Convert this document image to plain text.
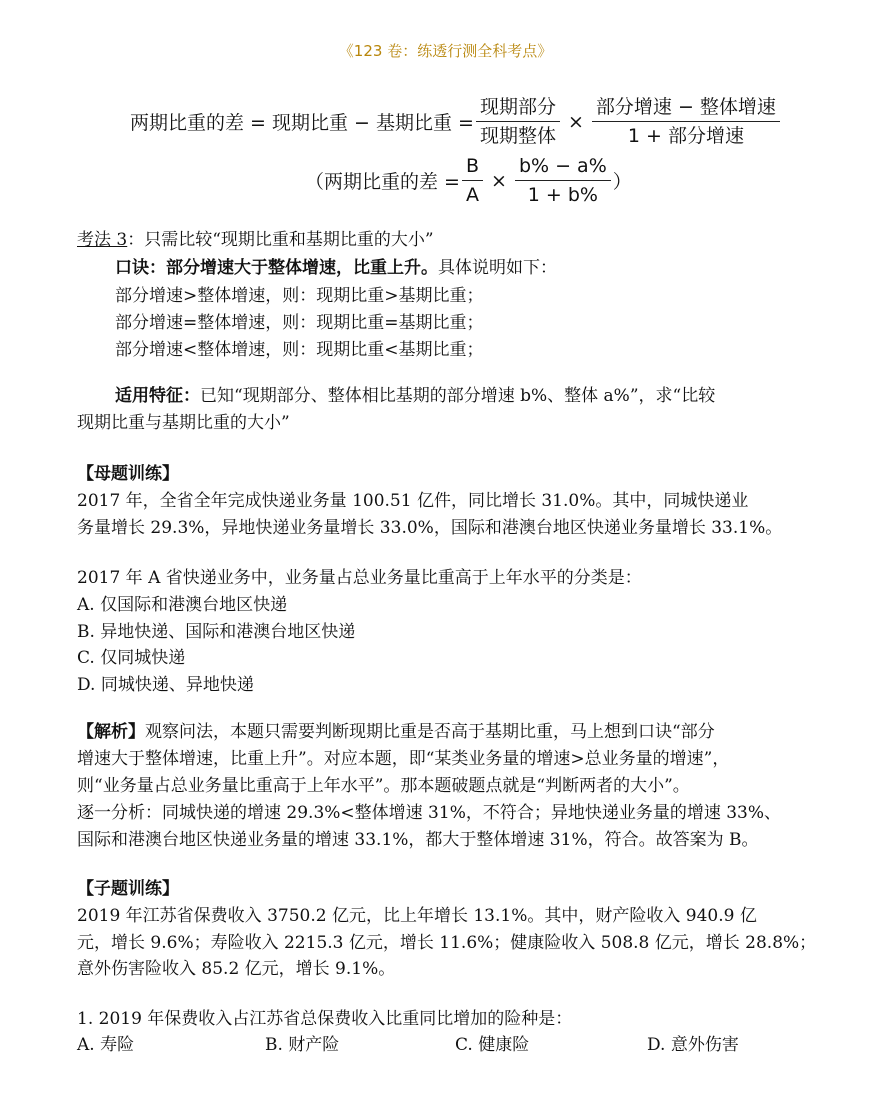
《123 卷：练透行测全科考点》
两期比重的差 = 现期比重 − 基期比重 = $\frac{\text{现期部分}}{\text{现期整体}} \times \frac{\text{部分增速 − 整体增速}}{\text{1 + 部分增速}}$
（两期比重的差 = $\frac{B}{A} \times \frac{b\% - a\%}{1 + b\%}$ ）
考法 3：只需比较“现期比重和基期比重的大小”
口诀：部分增速大于整体增速，比重上升。具体说明如下：
部分增速>整体增速，则：现期比重>基期比重；
部分增速=整体增速，则：现期比重=基期比重；
部分增速<整体增速，则：现期比重<基期比重；
适用特征：已知“现期部分、整体相比基期的部分增速 b%、整体 a%”，求“比较
现期比重与基期比重的大小”
【母题训练】
2017 年，全省全年完成快递业务量 100.51 亿件，同比增长 31.0%。其中，同城快递业
务量增长 29.3%，异地快递业务量增长 33.0%，国际和港澳台地区快递业务量增长 33.1%。
2017 年 A 省快递业务中，业务量占总业务量比重高于上年水平的分类是：
A. 仅国际和港澳台地区快递
B. 异地快递、国际和港澳台地区快递
C. 仅同城快递
D. 同城快递、异地快递
【解析】观察问法，本题只需要判断现期比重是否高于基期比重，马上想到口诀“部分
增速大于整体增速，比重上升”。对应本题，即“某类业务量的增速>总业务量的增速”，
则“业务量占总业务量比重高于上年水平”。那本题破题点就是“判断两者的大小”。
逐一分析：同城快递的增速 29.3%<整体增速 31%，不符合；异地快递业务量的增速 33%、
国际和港澳台地区快递业务量的增速 33.1%，都大于整体增速 31%，符合。故答案为 B。
【子题训练】
2019 年江苏省保费收入 3750.2 亿元，比上年增长 13.1%。其中，财产险收入 940.9 亿
元，增长 9.6%；寿险收入 2215.3 亿元，增长 11.6%；健康险收入 508.8 亿元，增长 28.8%；
意外伤害险收入 85.2 亿元，增长 9.1%。
1. 2019 年保费收入占江苏省总保费收入比重同比增加的险种是：
A. 寿险	B. 财产险	C. 健康险	D. 意外伤害
